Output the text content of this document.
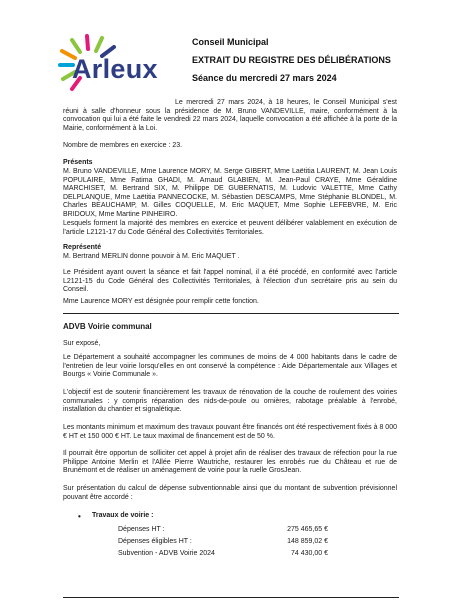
Arleux
Conseil Municipal
EXTRAIT DU REGISTRE DES DÉLIBÉRATIONS
Séance du mercredi 27 mars 2024
Le mercredi 27 mars 2024, à 18 heures, le Conseil Municipal s'est réuni à salle d'honneur sous la présidence de M. Bruno VANDEVILLE, maire, conformément à la convocation qui lui a été faite le vendredi 22 mars 2024, laquelle convocation a été affichée à la porte de la Mairie, conformément à la Loi.
Nombre de membres en exercice : 23.
Présents
M. Bruno VANDEVILLE, Mme Laurence MORY, M. Serge GIBERT, Mme Laëtitia LAURENT, M. Jean Louis POPULAIRE, Mme Fatima GHADI, M. Arnaud GLABIEN, M. Jean-Paul CRAYE, Mme Géraldine MARCHISET, M. Bertrand SIX, M. Philippe DE GUBERNATIS, M. Ludovic VALETTE, Mme Cathy DELPLANQUE, Mme Laëtitia PANNECOCKE, M. Sébastien DESCAMPS, Mme Stéphanie BLONDEL, M. Charles BEAUCHAMP, M. Gilles COQUELLE, M. Eric MAQUET, Mme Sophie LEFEBVRE, M. Eric BRIDOUX, Mme Martine PINHEIRO.
Lesquels forment la majorité des membres en exercice et peuvent délibérer valablement en exécution de l'article L2121-17 du Code Général des Collectivités Territoriales.
Représenté
M. Bertrand MERLIN donne pouvoir à M. Eric MAQUET .
Le Président ayant ouvert la séance et fait l'appel nominal, il a été procédé, en conformité avec l'article L2121-15 du Code Général des Collectivités Territoriales, à l'élection d'un secrétaire pris au sein du Conseil.
Mme Laurence MORY est désignée pour remplir cette fonction.
ADVB Voirie communal
Sur exposé,
Le Département a souhaité accompagner les communes de moins de 4 000 habitants dans le cadre de l'entretien de leur voirie lorsqu'elles en ont conservé la compétence : Aide Départementale aux Villages et Bourgs « Voirie Communale ».
L'objectif est de soutenir financièrement les travaux de rénovation de la couche de roulement des voiries communales : y compris réparation des nids-de-poule ou ornières, rabotage préalable à l'enrobé, installation du chantier et signalétique.
Les montants minimum et maximum des travaux pouvant être financés ont été respectivement fixés à 8 000 € HT et 150 000 € HT. Le taux maximal de financement est de 50 %.
Il pourrait être opportun de solliciter cet appel à projet afin de réaliser des travaux de réfection pour la rue Philippe Antoine Merlin et l'Allée Pierre Wautriche, restaurer les enrobés rue du Château et rue de Brunémont et de réaliser un aménagement de voirie pour la ruelle GrosJean.
Sur présentation du calcul de dépense subventionnable ainsi que du montant de subvention prévisionnel pouvant être accordé :
• Travaux de voirie :
Dépenses HT :	275 465,65 €
Dépenses éligibles HT :	148 859,02 €
Subvention - ADVB Voirie 2024	74 430,00 €
